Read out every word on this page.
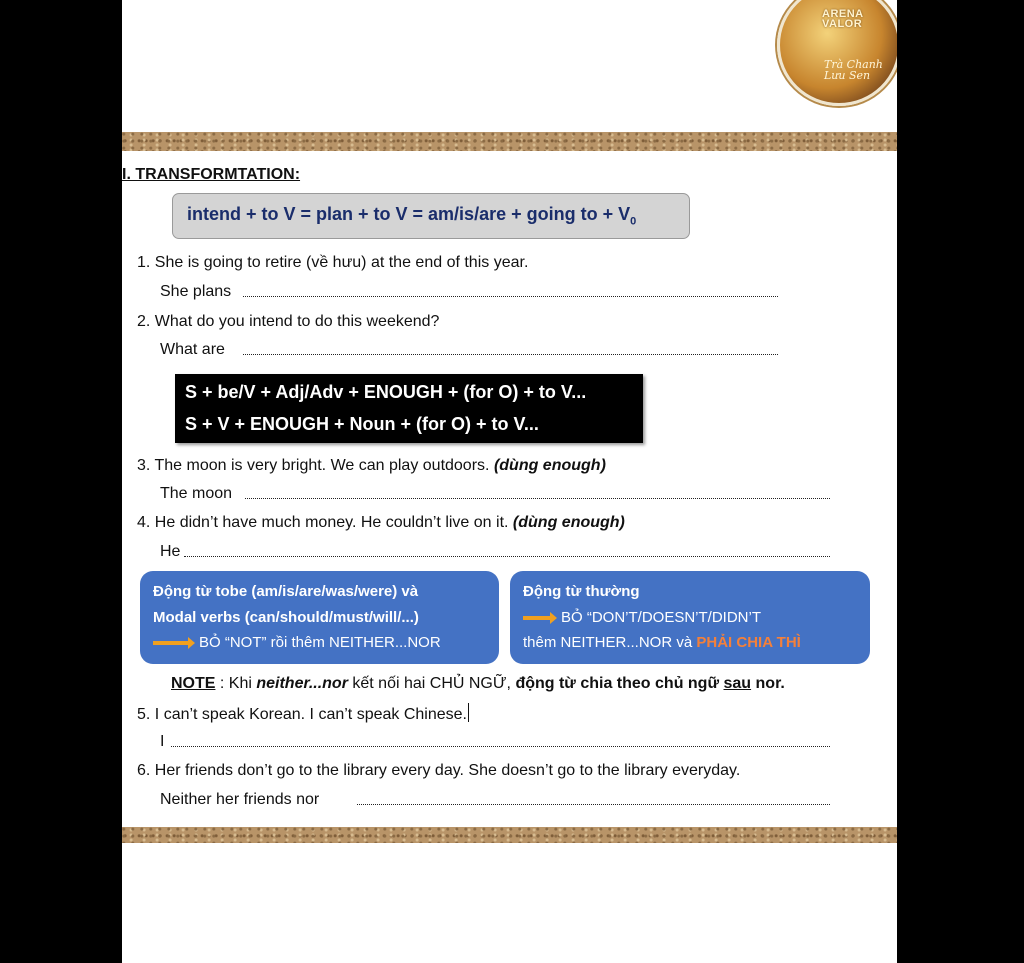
ARENA
VALOR
Trà Chanh
Lưu Sen
I. TRANSFORMTATION:
intend + to V = plan + to V = am/is/are + going to + $V_0$
1. She is going to retire (về hưu) at the end of this year.
She plans
2. What do you intend to do this weekend?
What are
S + be/V + Adj/Adv + ENOUGH + (for O) + to V...
S + V + ENOUGH + Noun + (for O) + to V...
3. The moon is very bright. We can play outdoors. (dùng enough)
The moon
4. He didn’t have much money. He couldn’t live on it. (dùng enough)
He
Động từ tobe (am/is/are/was/were) và
Modal verbs (can/should/must/will/...)
BỎ “NOT” rồi thêm NEITHER...NOR
Động từ thường
BỎ “DON’T/DOESN’T/DIDN’T
thêm NEITHER...NOR và PHẢI CHIA THÌ
NOTE : Khi neither...nor kết nối hai CHỦ NGỮ, động từ chia theo chủ ngữ sau nor.
5. I can’t speak Korean. I can’t speak Chinese.
I
6. Her friends don’t go to the library every day. She doesn’t go to the library everyday.
Neither her friends nor
